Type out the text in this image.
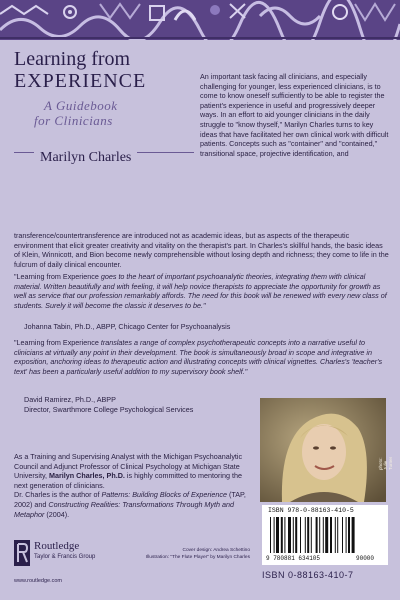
Learning from
EXPERIENCE
A Guidebook
for Clinicians
Marilyn Charles
An important task facing all clinicians, and especially challenging for younger, less experienced clinicians, is to come to know oneself sufficiently to be able to register the patient's experience in useful and progressively deeper ways. In an effort to aid younger clinicians in the daily struggle to "know thyself," Marilyn Charles turns to key ideas that have facilitated her own clinical work with difficult patients. Concepts such as "container" and "contained," transitional space, projective identification, and
transference/countertransference are introduced not as academic ideas, but as aspects of the therapeutic environment that elicit greater creativity and vitality on the therapist's part. In Charles's skillful hands, the basic ideas of Klein, Winnicott, and Bion become newly comprehensible without losing depth and richness; they come to life in the fulcrum of daily clinical encounter.
"Learning from Experience goes to the heart of important psychoanalytic theories, integrating them with clinical material. Written beautifully and with feeling, it will help novice therapists to appreciate the opportunity for growth as well as service that our profession remarkably affords. The need for this book will be renewed with every new class of students. Surely it will become the classic it deserves to be."
Johanna Tabin, Ph.D., ABPP, Chicago Center for Psychoanalysis
"Learning from Experience translates a range of complex psychotherapeutic concepts into a narrative useful to clinicians at virtually any point in their development. The book is simultaneously broad in scope and integrative in exposition, anchoring ideas to therapeutic action and illustrating concepts with clinical vignettes. Charles's 'teacher's text' has been a particularly useful addition to my supervisory book shelf."
David Ramirez, Ph.D., ABPP
Director, Swarthmore College Psychological Services
photo: Julie Turner
As a Training and Supervising Analyst with the Michigan Psychoanalytic Council and Adjunct Professor of Clinical Psychology at Michigan State University, Marilyn Charles, Ph.D. is highly committed to mentoring the next generation of clinicians.
Dr. Charles is the author of Patterns: Building Blocks of Experience (TAP, 2002) and Constructing Realities: Transformations Through Myth and Metaphor (2004).
Routledge
Taylor & Francis Group
www.routledge.com
Cover design: Andrea Schettino
Illustration: "The Flute Player" by Marilyn Charles
ISBN 978-0-88163-410-5
9 780881 634105	90000
ISBN 0-88163-410-7
